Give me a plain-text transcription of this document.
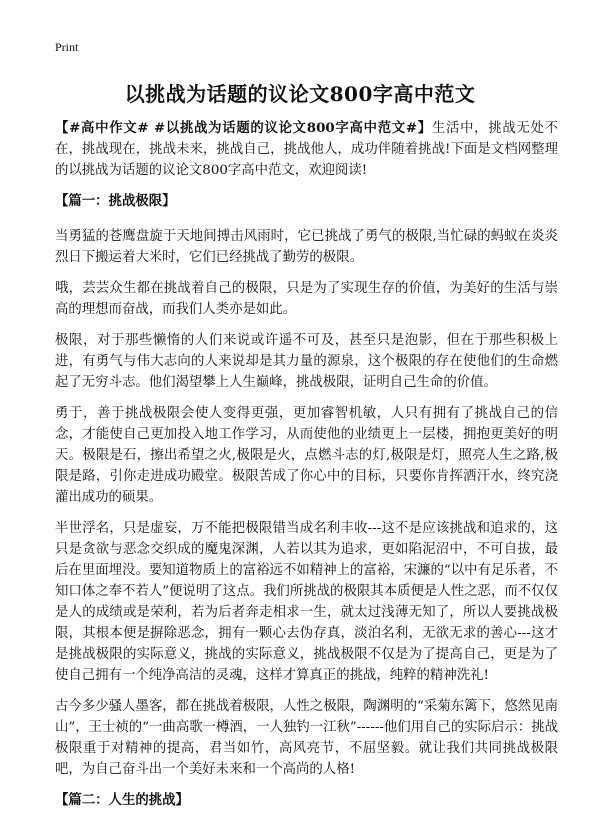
Print
以挑战为话题的议论文800字高中范文

【#高中作文# #以挑战为话题的议论文800字高中范文#】生活中，挑战无处不在，挑战现在，挑战未来，挑战自己，挑战他人，成功伴随着挑战!下面是文档网整理的以挑战为话题的议论文800字高中范文，欢迎阅读!

【篇一：挑战极限】

当勇猛的苍鹰盘旋于天地间搏击风雨时，它已挑战了勇气的极限,当忙碌的蚂蚁在炎炎烈日下搬运着大米时，它们已经挑战了勤劳的极限。

哦，芸芸众生都在挑战着自己的极限，只是为了实现生存的价值，为美好的生活与崇高的理想而奋战，而我们人类亦是如此。

极限，对于那些懒惰的人们来说或许遥不可及，甚至只是泡影，但在于那些积极上进，有勇气与伟大志向的人来说却是其力量的源泉，这个极限的存在使他们的生命燃起了无穷斗志。他们渴望攀上人生巅峰，挑战极限，证明自己生命的价值。

勇于，善于挑战极限会使人变得更强，更加睿智机敏，人只有拥有了挑战自己的信念，才能使自己更加投入地工作学习，从而使他的业绩更上一层楼，拥抱更美好的明天。极限是石，擦出希望之火,极限是火，点燃斗志的灯,极限是灯，照亮人生之路,极限是路，引你走进成功殿堂。极限苦成了你心中的目标，只要你肯挥洒汗水，终究浇灌出成功的硕果。

半世浮名，只是虚妄，万不能把极限错当成名利丰收---这不是应该挑战和追求的，这只是贪欲与恶念交织成的魔鬼深渊，人若以其为追求，更如陷泥沼中，不可自拔，最后在里面埋没。要知道物质上的富裕远不如精神上的富裕，宋濂的“以中有足乐者，不知口体之奉不若人”便说明了这点。我们所挑战的极限其本质便是人性之恶，而不仅仅是人的成绩或是荣利，若为后者奔走相求一生，就太过浅薄无知了，所以人要挑战极限，其根本便是摒除恶念，拥有一颗心去伪存真，淡泊名利，无欲无求的善心---这才是挑战极限的实际意义，挑战的实际意义，挑战极限不仅是为了提高自己，更是为了使自己拥有一个纯净高洁的灵魂，这样才算真正的挑战，纯粹的精神洗礼!

古今多少骚人墨客，都在挑战着极限，人性之极限，陶渊明的“采菊东篱下，悠然见南山”，王士祯的“一曲高歌一樽酒，一人独钓一江秋”------他们用自己的实际启示：挑战极限重于对精神的提高，君当如竹，高风亮节，不屈坚毅。就让我们共同挑战极限吧，为自己奋斗出一个美好未来和一个高尚的人格!

【篇二：人生的挑战】
